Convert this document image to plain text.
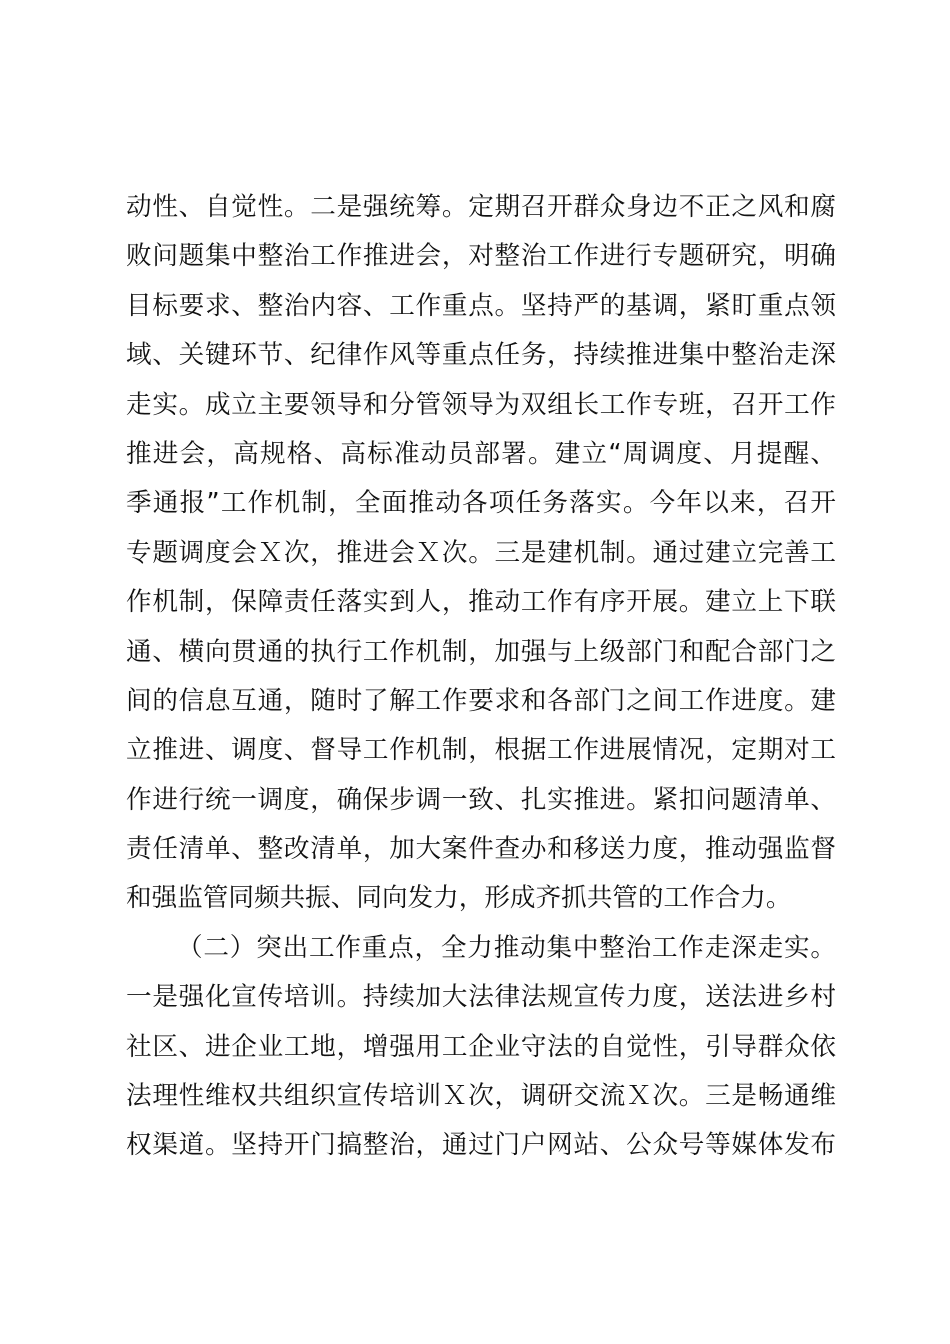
动性、自觉性。二是强统筹。定期召开群众身边不正之风和腐
败问题集中整治工作推进会，对整治工作进行专题研究，明确
目标要求、整治内容、工作重点。坚持严的基调，紧盯重点领
域、关键环节、纪律作风等重点任务，持续推进集中整治走深
走实。成立主要领导和分管领导为双组长工作专班，召开工作
推进会，高规格、高标准动员部署。建立“周调度、月提醒、
季通报”工作机制，全面推动各项任务落实。今年以来，召开
专题调度会Ｘ次，推进会Ｘ次。三是建机制。通过建立完善工
作机制，保障责任落实到人，推动工作有序开展。建立上下联
通、横向贯通的执行工作机制，加强与上级部门和配合部门之
间的信息互通，随时了解工作要求和各部门之间工作进度。建
立推进、调度、督导工作机制，根据工作进展情况，定期对工
作进行统一调度，确保步调一致、扎实推进。紧扣问题清单、
责任清单、整改清单，加大案件查办和移送力度，推动强监督
和强监管同频共振、同向发力，形成齐抓共管的工作合力。
（二）突出工作重点，全力推动集中整治工作走深走实。
一是强化宣传培训。持续加大法律法规宣传力度，送法进乡村
社区、进企业工地，增强用工企业守法的自觉性，引导群众依
法理性维权共组织宣传培训Ｘ次，调研交流Ｘ次。三是畅通维
权渠道。坚持开门搞整治，通过门户网站、公众号等媒体发布
